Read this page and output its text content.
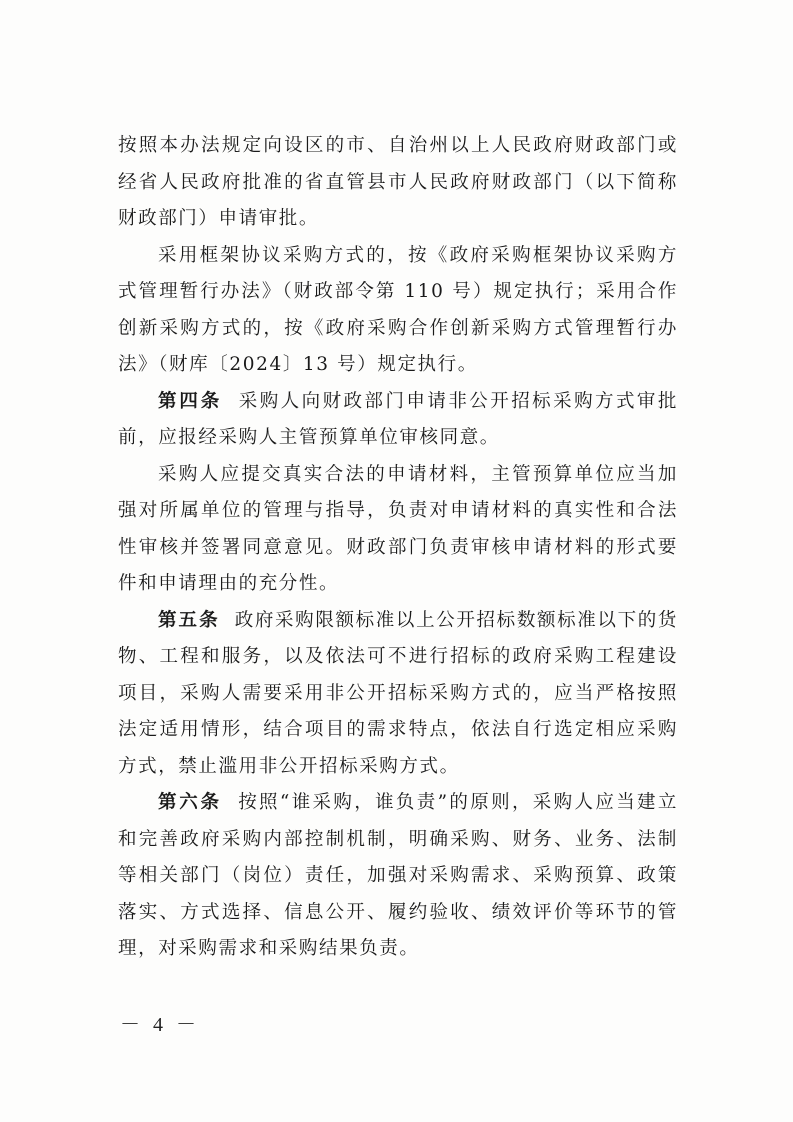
按照本办法规定向设区的市、自治州以上人民政府财政部门或经省人民政府批准的省直管县市人民政府财政部门（以下简称财政部门）申请审批。

采用框架协议采购方式的，按《政府采购框架协议采购方式管理暂行办法》（财政部令第 110 号）规定执行；采用合作创新采购方式的，按《政府采购合作创新采购方式管理暂行办法》（财库〔2024〕13 号）规定执行。

第四条 采购人向财政部门申请非公开招标采购方式审批前，应报经采购人主管预算单位审核同意。

采购人应提交真实合法的申请材料，主管预算单位应当加强对所属单位的管理与指导，负责对申请材料的真实性和合法性审核并签署同意意见。财政部门负责审核申请材料的形式要件和申请理由的充分性。

第五条 政府采购限额标准以上公开招标数额标准以下的货物、工程和服务，以及依法可不进行招标的政府采购工程建设项目，采购人需要采用非公开招标采购方式的，应当严格按照法定适用情形，结合项目的需求特点，依法自行选定相应采购方式，禁止滥用非公开招标采购方式。

第六条 按照“谁采购，谁负责”的原则，采购人应当建立和完善政府采购内部控制机制，明确采购、财务、业务、法制等相关部门（岗位）责任，加强对采购需求、采购预算、政策落实、方式选择、信息公开、履约验收、绩效评价等环节的管理，对采购需求和采购结果负责。

－ 4 －
